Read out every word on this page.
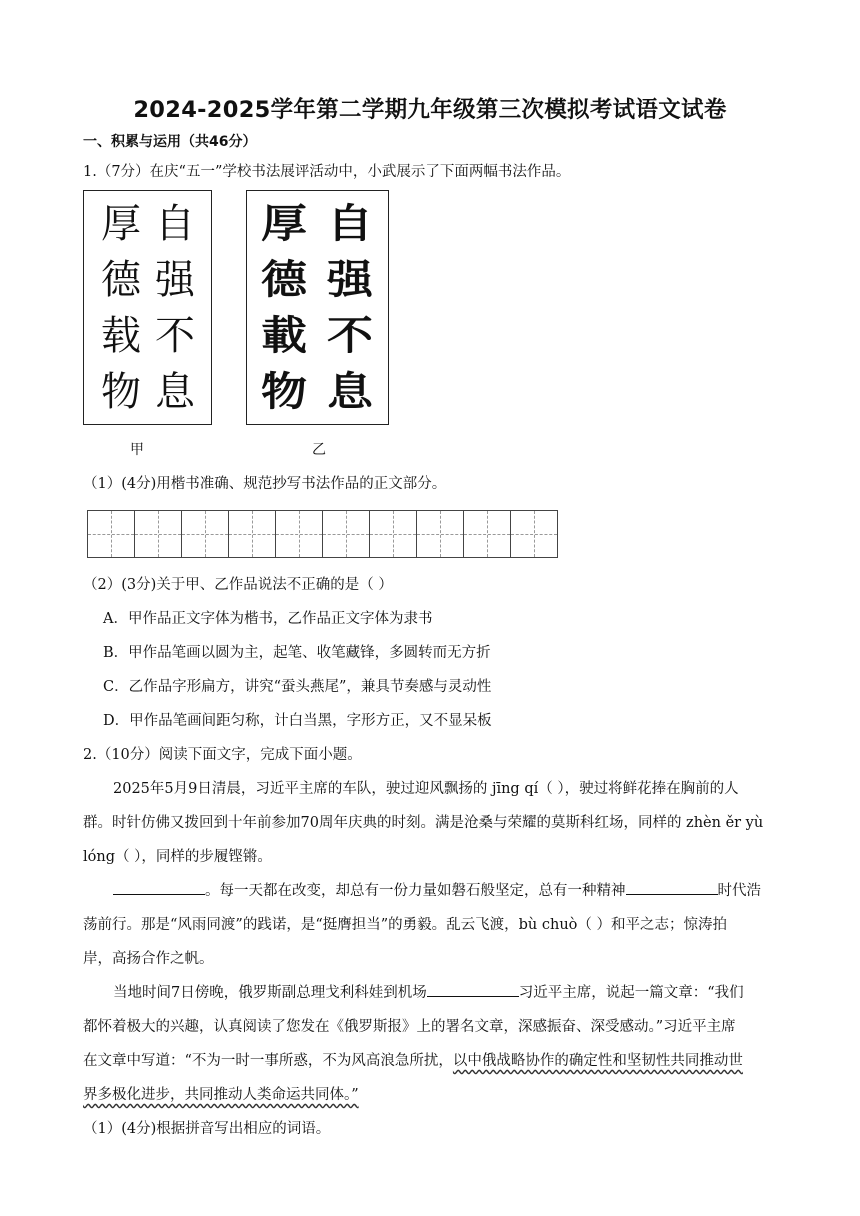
2024-2025学年第二学期九年级第三次模拟考试语文试卷
一、积累与运用（共46分）
1.（7分）在庆“五一”学校书法展评活动中，小武展示了下面两幅书法作品。
厚
德
载
物
自
强
不
息
甲
厚
德
載
物
自
强
不
息
乙
（1）(4分)用楷书准确、规范抄写书法作品的正文部分。
（2）(3分)关于甲、乙作品说法不正确的是（ ）
A．甲作品正文字体为楷书，乙作品正文字体为隶书
B．甲作品笔画以圆为主，起笔、收笔藏锋，多圆转而无方折
C．乙作品字形扁方，讲究“蚕头燕尾”，兼具节奏感与灵动性
D．甲作品笔画间距匀称，计白当黑，字形方正，又不显呆板
2.（10分）阅读下面文字，完成下面小题。
2025年5月9日清晨，习近平主席的车队，驶过迎风飘扬的 jīng qí（ ），驶过将鲜花捧在胸前的人
群。时针仿佛又拨回到十年前参加70周年庆典的时刻。满是沧桑与荣耀的莫斯科红场，同样的 zhèn ěr yù
lóng（ ），同样的步履铿锵。
。每一天都在改变，却总有一份力量如磐石般坚定，总有一种精神	时代浩
荡前行。那是“风雨同渡”的践诺，是“挺膺担当”的勇毅。乱云飞渡，bù chuò（ ）和平之志；惊涛拍
岸，高扬合作之帆。
当地时间7日傍晚，俄罗斯副总理戈利科娃到机场	习近平主席，说起一篇文章：“我们
都怀着极大的兴趣，认真阅读了您发在《俄罗斯报》上的署名文章，深感振奋、深受感动。”习近平主席
在文章中写道：“不为一时一事所惑，不为风高浪急所扰，以中俄战略协作的确定性和坚韧性共同推动世
界多极化进步，共同推动人类命运共同体。”
（1）(4分)根据拼音写出相应的词语。
